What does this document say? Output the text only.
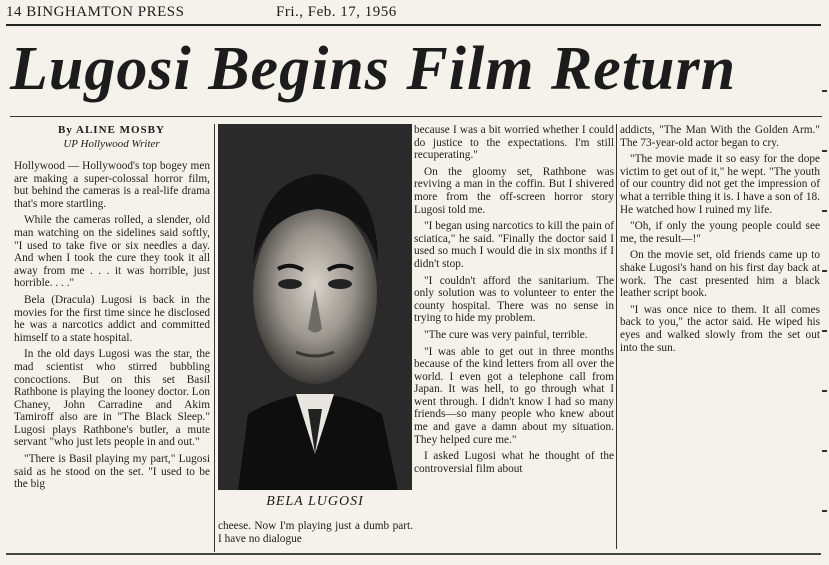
14 BINGHAMTON PRESS	Fri., Feb. 17, 1956
Lugosi Begins Film Return
By ALINE MOSBY
UP Hollywood Writer

Hollywood — Hollywood's top bogey men are making a super-colossal horror film, but behind the cameras is a real-life drama that's more startling.

While the cameras rolled, a slender, old man watching on the sidelines said softly, "I used to take five or six needles a day. And when I took the cure they took it all away from me . . . it was horrible, just horrible. . . ."

Bela (Dracula) Lugosi is back in the movies for the first time since he disclosed he was a narcotics addict and committed himself to a state hospital.

In the old days Lugosi was the star, the mad scientist who stirred bubbling concoctions. But on this set Basil Rathbone is playing the looney doctor. Lon Chaney, John Carradine and Akim Tamiroff also are in "The Black Sleep." Lugosi plays Rathbone's butler, a mute servant "who just lets people in and out."

"There is Basil playing my part," Lugosi said as he stood on the set. "I used to be the big

BELA LUGOSI
cheese. Now I'm playing just a dumb part. I have no dialogue

because I was a bit worried whether I could do justice to the expectations. I'm still recuperating."

On the gloomy set, Rathbone was reviving a man in the coffin. But I shivered more from the off-screen horror story Lugosi told me.

"I began using narcotics to kill the pain of sciatica," he said. "Finally the doctor said I used so much I would die in six months if I didn't stop.

"I couldn't afford the sanitarium. The only solution was to volunteer to enter the county hospital. There was no sense in trying to hide my problem.

"The cure was very painful, terrible.

"I was able to get out in three months because of the kind letters from all over the world. I even got a telephone call from Japan. It was hell, to go through what I went through. I didn't know I had so many friends—so many people who knew about me and gave a damn about my situation. They helped cure me."

I asked Lugosi what he thought of the controversial film about

addicts, "The Man With the Golden Arm." The 73-year-old actor began to cry.

"The movie made it so easy for the dope victim to get out of it," he wept. "The youth of our country did not get the impression of what a terrible thing it is. I have a son of 18. He watched how I ruined my life.

"Oh, if only the young people could see me, the result—!"

On the movie set, old friends came up to shake Lugosi's hand on his first day back at work. The cast presented him a black leather script book.

"I was once nice to them. It all comes back to you," the actor said. He wiped his eyes and walked slowly from the set out into the sun.
